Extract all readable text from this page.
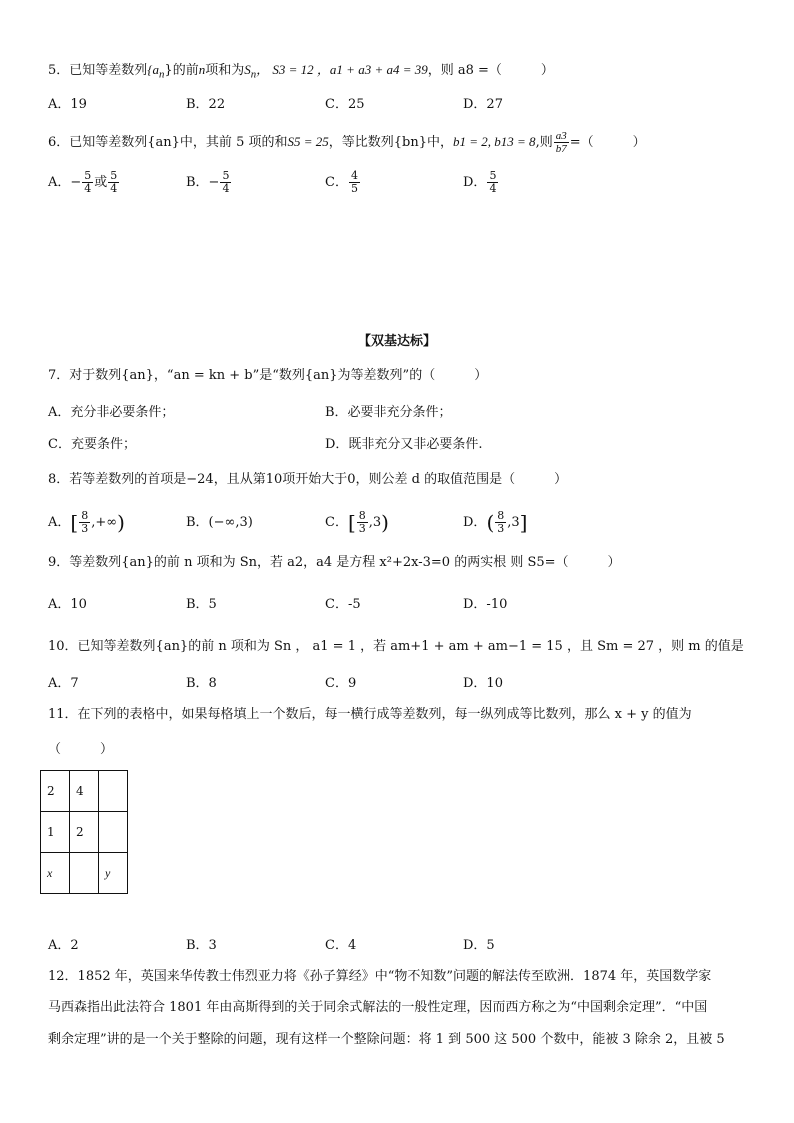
5．已知等差数列$\{a_n\}$的前n项和为$S_n$， S3 = 12 ，a1 + a3 + a4 = 39，则 a8 =（　　　）
A．19	B．22	C．25	D．27
6．已知等差数列{an}中，其前 5 项的和S5 = 25，等比数列{bn}中，b1 = 2, b13 = 8,则 $\frac{a3}{b7}$ =（　　　）
A．− $\frac{5}{4}$ 或 $\frac{5}{4}$	B．− $\frac{5}{4}$	C． $\frac{4}{5}$	D． $\frac{5}{4}$
【双基达标】
7．对于数列{an}，“an = kn + b”是“数列{an}为等差数列”的（　　　）
A．充分非必要条件；	B．必要非充分条件；
C．充要条件；	D．既非充分又非必要条件.
8．若等差数列的首项是−24，且从第10项开始大于0，则公差 d 的取值范围是（　　　）
A．[ $\frac{8}{3}$ ,+∞)	B．(−∞,3)	C．[ $\frac{8}{3} ,3$)	D．( $\frac{8}{3} ,3$]
9．等差数列{an}的前 n 项和为 Sn，若 a2，a4 是方程 x²+2x-3=0 的两实根 则 S5=（　　　）
A．10	B．5	C．-5	D．-10
10．已知等差数列{an}的前 n 项和为 Sn ， a1 = 1 ，若 am+1 + am + am−1 = 15 ，且 Sm = 27 ，则 m 的值是
A．7	B．8	C．9	D．10
11．在下列的表格中，如果每格填上一个数后，每一横行成等差数列，每一纵列成等比数列，那么 x + y 的值为
（　　　）
2	4	
1	2	
x		y
A．2	B．3	C．4	D．5
12．1852 年，英国来华传教士伟烈亚力将《孙子算经》中“物不知数”问题的解法传至欧洲．1874 年，英国数学家
马西森指出此法符合 1801 年由高斯得到的关于同余式解法的一般性定理，因而西方称之为“中国剩余定理”．“中国
剩余定理”讲的是一个关于整除的问题，现有这样一个整除问题：将 1 到 500 这 500 个数中，能被 3 除余 2，且被 5
